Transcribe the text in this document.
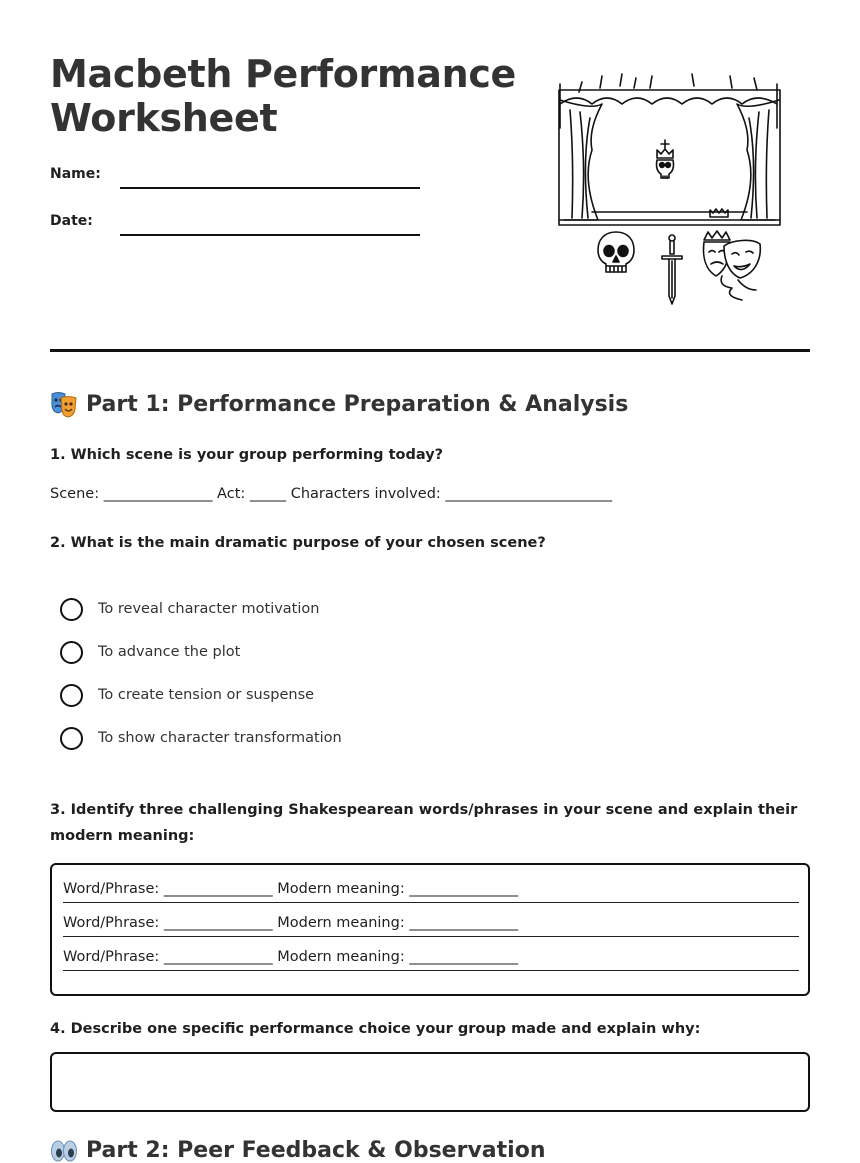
Macbeth Performance Worksheet
Name:
Date:
Part 1: Performance Preparation & Analysis

1. Which scene is your group performing today?

Scene: _______________ Act: _____ Characters involved: _______________________

2. What is the main dramatic purpose of your chosen scene?

To reveal character motivation
To advance the plot
To create tension or suspense
To show character transformation

3. Identify three challenging Shakespearean words/phrases in your scene and explain their modern meaning:

Word/Phrase: _______________ Modern meaning: _______________
Word/Phrase: _______________ Modern meaning: _______________
Word/Phrase: _______________ Modern meaning: _______________

4. Describe one specific performance choice your group made and explain why:

Part 2: Peer Feedback & Observation
